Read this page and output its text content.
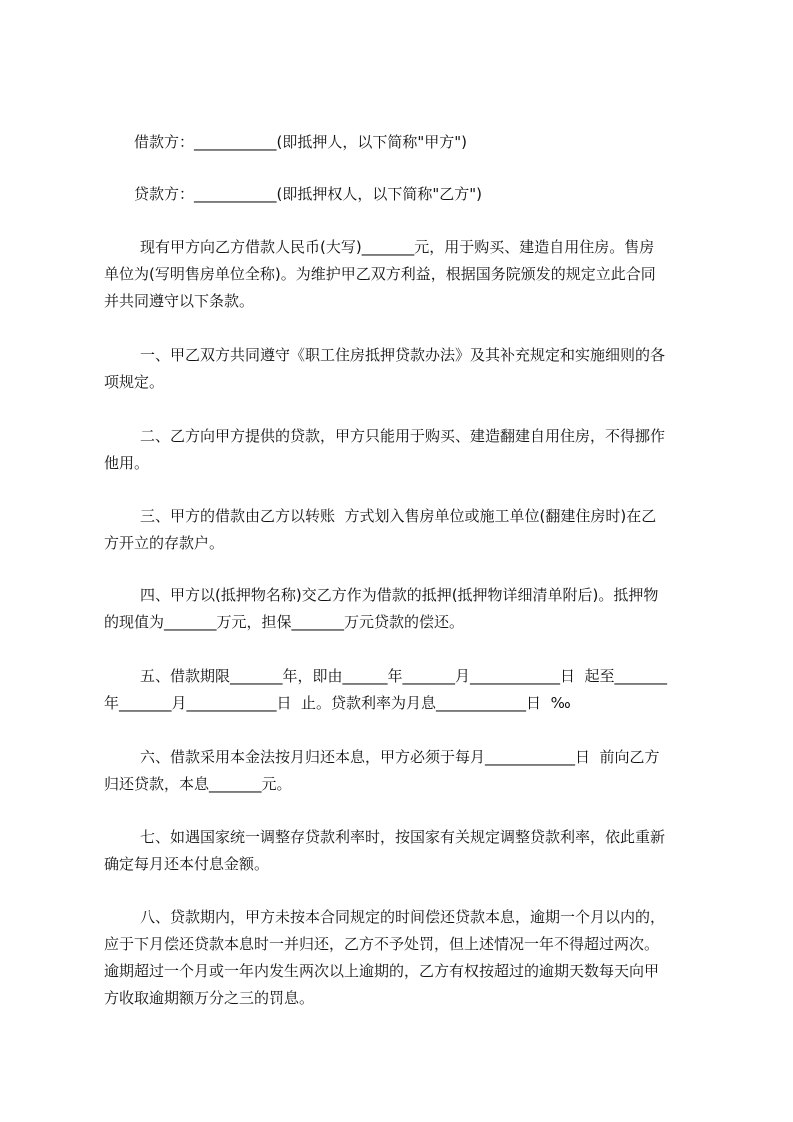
借款方：___________(即抵押人，以下简称"甲方")

贷款方：___________(即抵押权人，以下简称"乙方")

现有甲方向乙方借款人民币(大写)_______元，用于购买、建造自用住房。售房

单位为(写明售房单位全称)。为维护甲乙双方利益，根据国务院颁发的规定立此合同

并共同遵守以下条款。

一、甲乙双方共同遵守《职工住房抵押贷款办法》及其补充规定和实施细则的各

项规定。

二、乙方向甲方提供的贷款，甲方只能用于购买、建造翻建自用住房，不得挪作

他用。

三、甲方的借款由乙方以转账  方式划入售房单位或施工单位(翻建住房时)在乙

方开立的存款户。

四、甲方以(抵押物名称)交乙方作为借款的抵押(抵押物详细清单附后)。抵押物

的现值为_______万元，担保_______万元贷款的偿还。

五、借款期限_______年，即由______年_______月____________日  起至_______

年_______月____________日  止。贷款利率为月息____________日  ‰

六、借款采用本金法按月归还本息，甲方必须于每月____________日  前向乙方

归还贷款，本息_______元。

七、如遇国家统一调整存贷款利率时，按国家有关规定调整贷款利率，依此重新

确定每月还本付息金额。

八、贷款期内，甲方未按本合同规定的时间偿还贷款本息，逾期一个月以内的，

应于下月偿还贷款本息时一并归还，乙方不予处罚，但上述情况一年不得超过两次。

逾期超过一个月或一年内发生两次以上逾期的，乙方有权按超过的逾期天数每天向甲

方收取逾期额万分之三的罚息。
